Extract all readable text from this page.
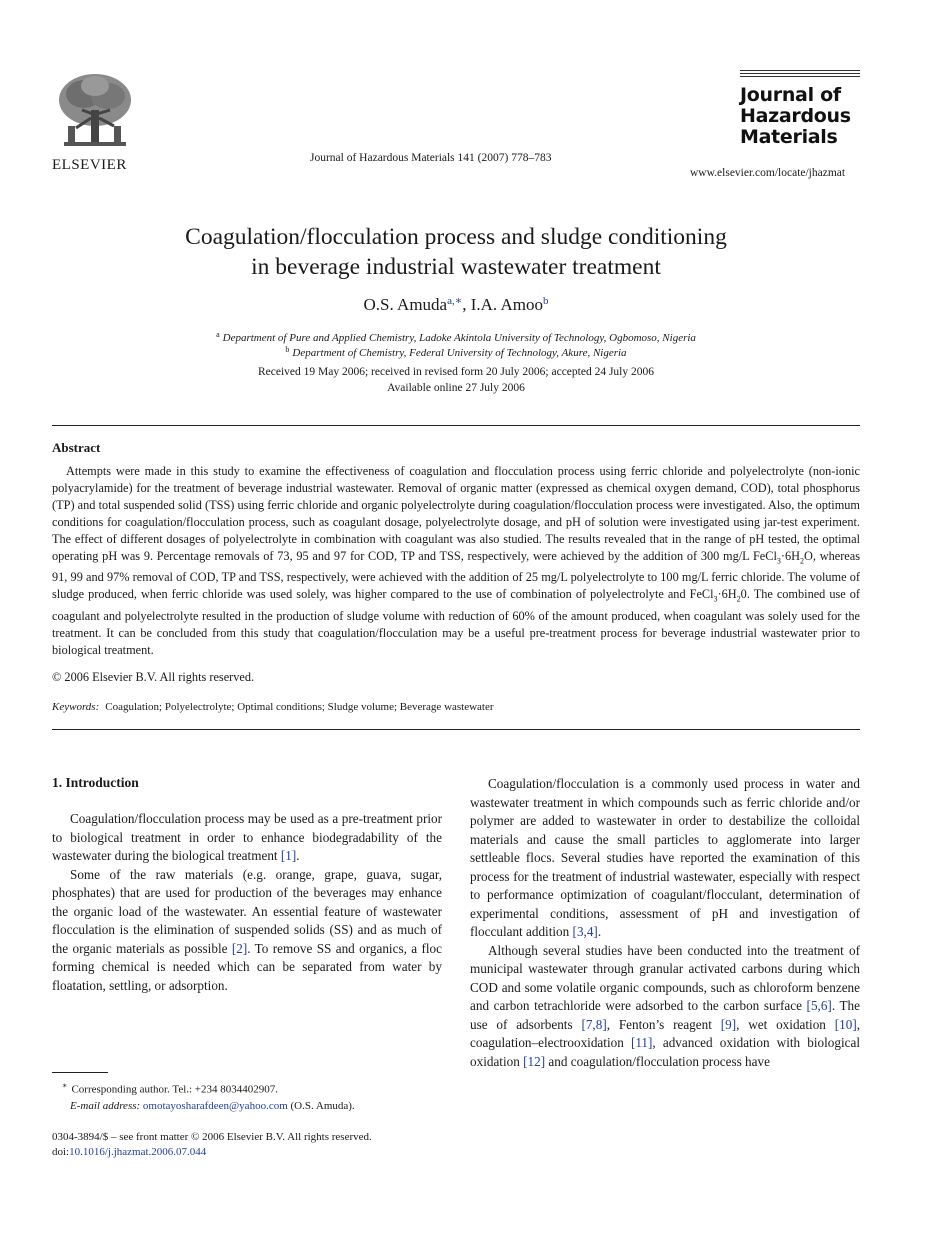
ELSEVIER	Journal of Hazardous Materials 141 (2007) 778–783
Journal of
Hazardous
Materials
www.elsevier.com/locate/jhazmat
Coagulation/flocculation process and sludge conditioning
in beverage industrial wastewater treatment
O.S. Amuda$^{a,∗}$, I.A. Amoo$^b$
$^a$ Department of Pure and Applied Chemistry, Ladoke Akintola University of Technology, Ogbomoso, Nigeria
$^b$ Department of Chemistry, Federal University of Technology, Akure, Nigeria
Received 19 May 2006; received in revised form 20 July 2006; accepted 24 July 2006
Available online 27 July 2006
Abstract
Attempts were made in this study to examine the effectiveness of coagulation and flocculation process using ferric chloride and polyelectrolyte (non-ionic polyacrylamide) for the treatment of beverage industrial wastewater. Removal of organic matter (expressed as chemical oxygen demand, COD), total phosphorus (TP) and total suspended solid (TSS) using ferric chloride and organic polyelectrolyte during coagulation/flocculation process were investigated. Also, the optimum conditions for coagulation/flocculation process, such as coagulant dosage, polyelectrolyte dosage, and pH of solution were investigated using jar-test experiment. The effect of different dosages of polyelectrolyte in combination with coagulant was also studied. The results revealed that in the range of pH tested, the optimal operating pH was 9. Percentage removals of 73, 95 and 97 for COD, TP and TSS, respectively, were achieved by the addition of 300 mg/L $FeCl_3\cdot 6H_2O$, whereas 91, 99 and 97% removal of COD, TP and TSS, respectively, were achieved with the addition of 25 mg/L polyelectrolyte to 100 mg/L ferric chloride. The volume of sludge produced, when ferric chloride was used solely, was higher compared to the use of combination of polyelectrolyte and $FeCl_3\cdot 6H_20$. The combined use of coagulant and polyelectrolyte resulted in the production of sludge volume with reduction of 60% of the amount produced, when coagulant was solely used for the treatment. It can be concluded from this study that coagulation/flocculation may be a useful pre-treatment process for beverage industrial wastewater prior to biological treatment.
© 2006 Elsevier B.V. All rights reserved.
Keywords: Coagulation; Polyelectrolyte; Optimal conditions; Sludge volume; Beverage wastewater
1. Introduction

Coagulation/flocculation process may be used as a pre-treatment prior to biological treatment in order to enhance biodegradability of the wastewater during the biological treatment [1].

Some of the raw materials (e.g. orange, grape, guava, sugar, phosphates) that are used for production of the beverages may enhance the organic load of the wastewater. An essential feature of wastewater flocculation is the elimination of suspended solids (SS) and as much of the organic materials as possible [2]. To remove SS and organics, a floc forming chemical is needed which can be separated from water by floatation, settling, or adsorption.

Coagulation/flocculation is a commonly used process in water and wastewater treatment in which compounds such as ferric chloride and/or polymer are added to wastewater in order to destabilize the colloidal materials and cause the small particles to agglomerate into larger settleable flocs. Several studies have reported the examination of this process for the treatment of industrial wastewater, especially with respect to performance optimization of coagulant/flocculant, determination of experimental conditions, assessment of pH and investigation of flocculant addition [3,4].

Although several studies have been conducted into the treatment of municipal wastewater through granular activated carbons during which COD and some volatile organic compounds, such as chloroform benzene and carbon tetrachloride were adsorbed to the carbon surface [5,6]. The use of adsorbents [7,8], Fenton’s reagent [9], wet oxidation [10], coagulation–electrooxidation [11], advanced oxidation with biological oxidation [12] and coagulation/flocculation process have

∗ Corresponding author. Tel.: +234 8034402907.
E-mail address: omotayosharafdeen@yahoo.com (O.S. Amuda).
0304-3894/$ – see front matter © 2006 Elsevier B.V. All rights reserved.
doi:10.1016/j.jhazmat.2006.07.044
